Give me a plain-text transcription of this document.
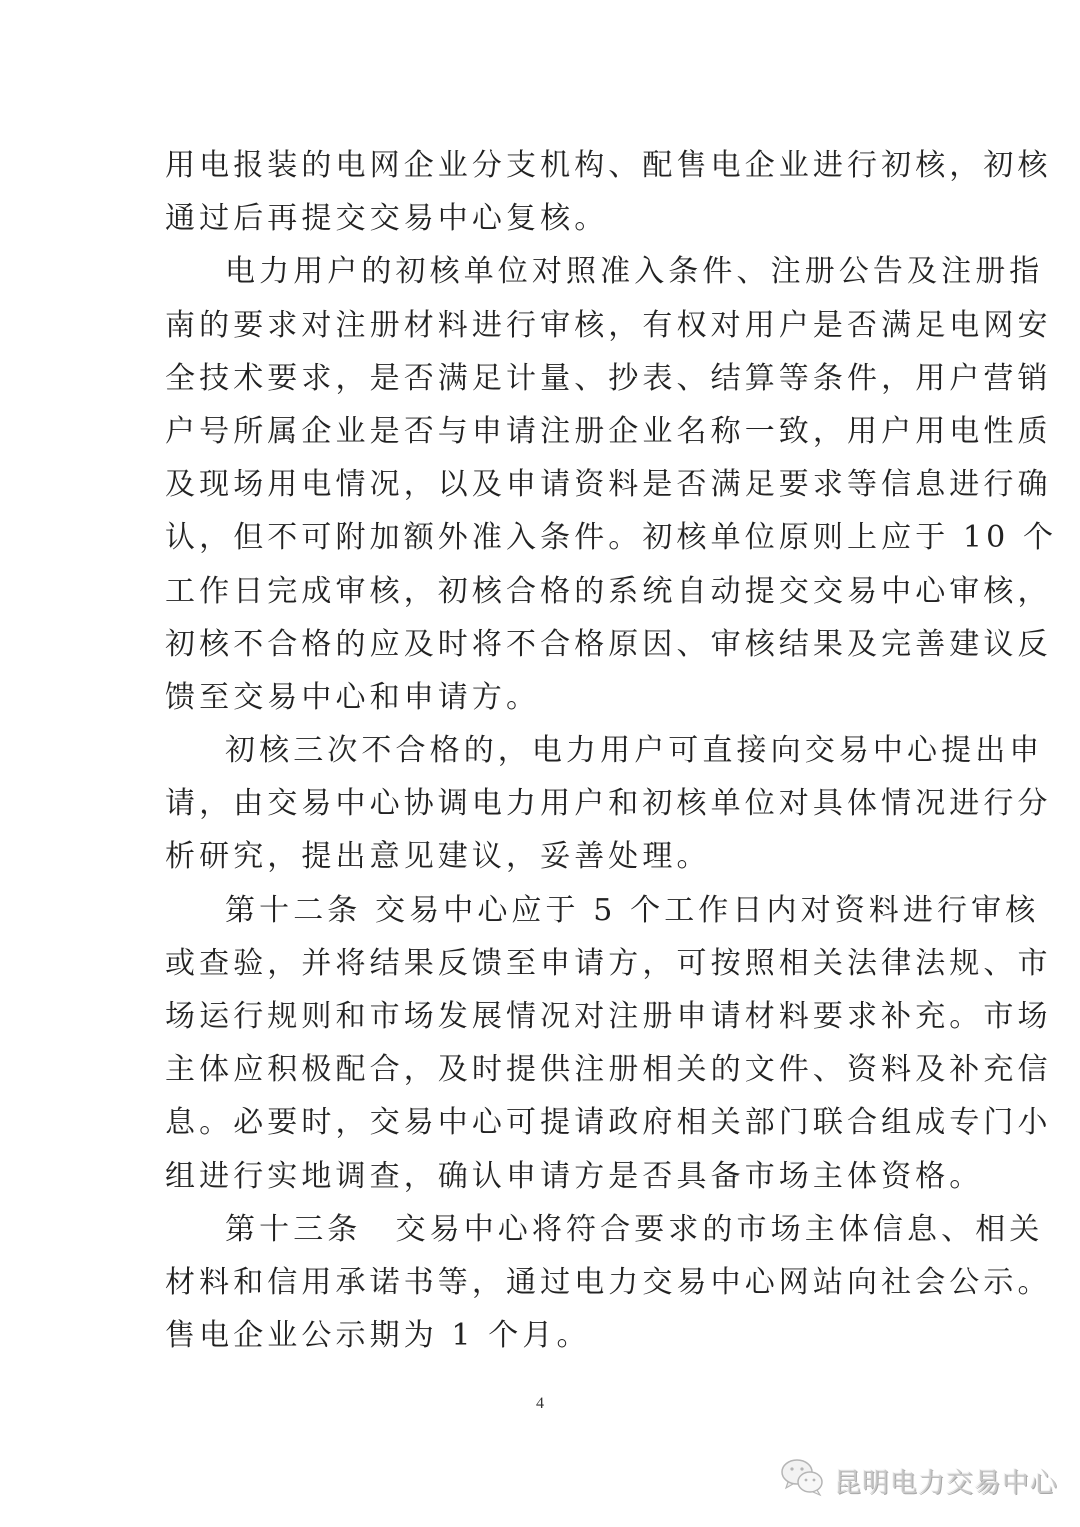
用电报装的电网企业分支机构、配售电企业进行初核，初核
通过后再提交交易中心复核。
电力用户的初核单位对照准入条件、注册公告及注册指
南的要求对注册材料进行审核，有权对用户是否满足电网安
全技术要求，是否满足计量、抄表、结算等条件，用户营销
户号所属企业是否与申请注册企业名称一致，用户用电性质
及现场用电情况，以及申请资料是否满足要求等信息进行确
认，但不可附加额外准入条件。初核单位原则上应于 10 个
工作日完成审核，初核合格的系统自动提交交易中心审核，
初核不合格的应及时将不合格原因、审核结果及完善建议反
馈至交易中心和申请方。
初核三次不合格的，电力用户可直接向交易中心提出申
请，由交易中心协调电力用户和初核单位对具体情况进行分
析研究，提出意见建议，妥善处理。
第十二条 交易中心应于 5 个工作日内对资料进行审核
或查验，并将结果反馈至申请方，可按照相关法律法规、市
场运行规则和市场发展情况对注册申请材料要求补充。市场
主体应积极配合，及时提供注册相关的文件、资料及补充信
息。必要时，交易中心可提请政府相关部门联合组成专门小
组进行实地调查，确认申请方是否具备市场主体资格。
第十三条　交易中心将符合要求的市场主体信息、相关
材料和信用承诺书等，通过电力交易中心网站向社会公示。
售电企业公示期为 1 个月。
4
昆明电力交易中心
